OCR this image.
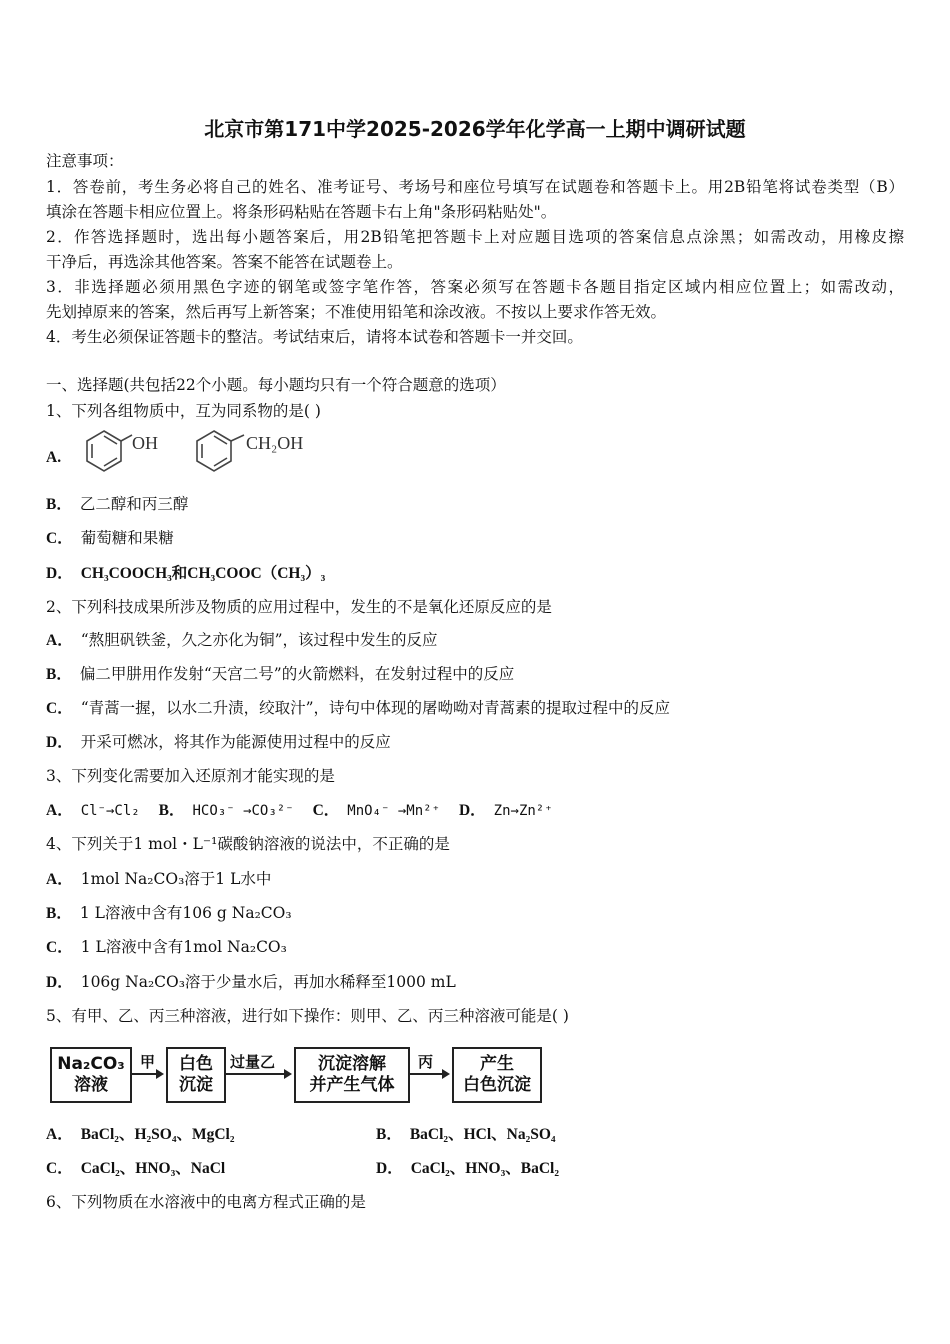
北京市第171中学2025-2026学年化学高一上期中调研试题
注意事项：
1．答卷前，考生务必将自己的姓名、准考证号、考场号和座位号填写在试题卷和答题卡上。用2B铅笔将试卷类型（B）
填涂在答题卡相应位置上。将条形码粘贴在答题卡右上角"条形码粘贴处"。
2．作答选择题时，选出每小题答案后，用2B铅笔把答题卡上对应题目选项的答案信息点涂黑；如需改动，用橡皮擦
干净后，再选涂其他答案。答案不能答在试题卷上。
3．非选择题必须用黑色字迹的钢笔或签字笔作答，答案必须写在答题卡各题目指定区域内相应位置上；如需改动，
先划掉原来的答案，然后再写上新答案；不准使用铅笔和涂改液。不按以上要求作答无效。
4．考生必须保证答题卡的整洁。考试结束后，请将本试卷和答题卡一并交回。
一、选择题(共包括22个小题。每小题均只有一个符合题意的选项）
1、下列各组物质中，互为同系物的是( )
A.
OH	CH₂OH
B． 乙二醇和丙三醇
C． 葡萄糖和果糖
D． CH₃COOCH₃和CH₃COOC（CH₃）₃
2、下列科技成果所涉及物质的应用过程中，发生的不是氧化还原反应的是
A． “熬胆矾铁釜，久之亦化为铜”，该过程中发生的反应
B． 偏二甲肼用作发射“天宫二号”的火箭燃料，在发射过程中的反应
C． “青蒿一握，以水二升渍，绞取汁”，诗句中体现的屠呦呦对青蒿素的提取过程中的反应
D． 开采可燃冰，将其作为能源使用过程中的反应
3、下列变化需要加入还原剂才能实现的是
A． Cl⁻→Cl₂ B． HCO₃⁻ →CO₃²⁻ C． MnO₄⁻ →Mn²⁺ D． Zn→Zn²⁺
4、下列关于1 mol・L⁻¹碳酸钠溶液的说法中，不正确的是
A． 1mol Na₂CO₃溶于1 L水中
B． 1 L溶液中含有106 g Na₂CO₃
C． 1 L溶液中含有1mol Na₂CO₃
D． 106g Na₂CO₃溶于少量水后，再加水稀释至1000 mL
5、有甲、乙、丙三种溶液，进行如下操作：则甲、乙、丙三种溶液可能是( )
Na₂CO₃
溶液
甲 白色
沉淀
过量乙	沉淀溶解
并产生气体
丙	产生
白色沉淀
A． BaCl₂、H₂SO₄、MgCl₂	B． BaCl₂、HCl、Na₂SO₄
C． CaCl₂、HNO₃、NaCl	D． CaCl₂、HNO₃、BaCl₂
6、下列物质在水溶液中的电离方程式正确的是
